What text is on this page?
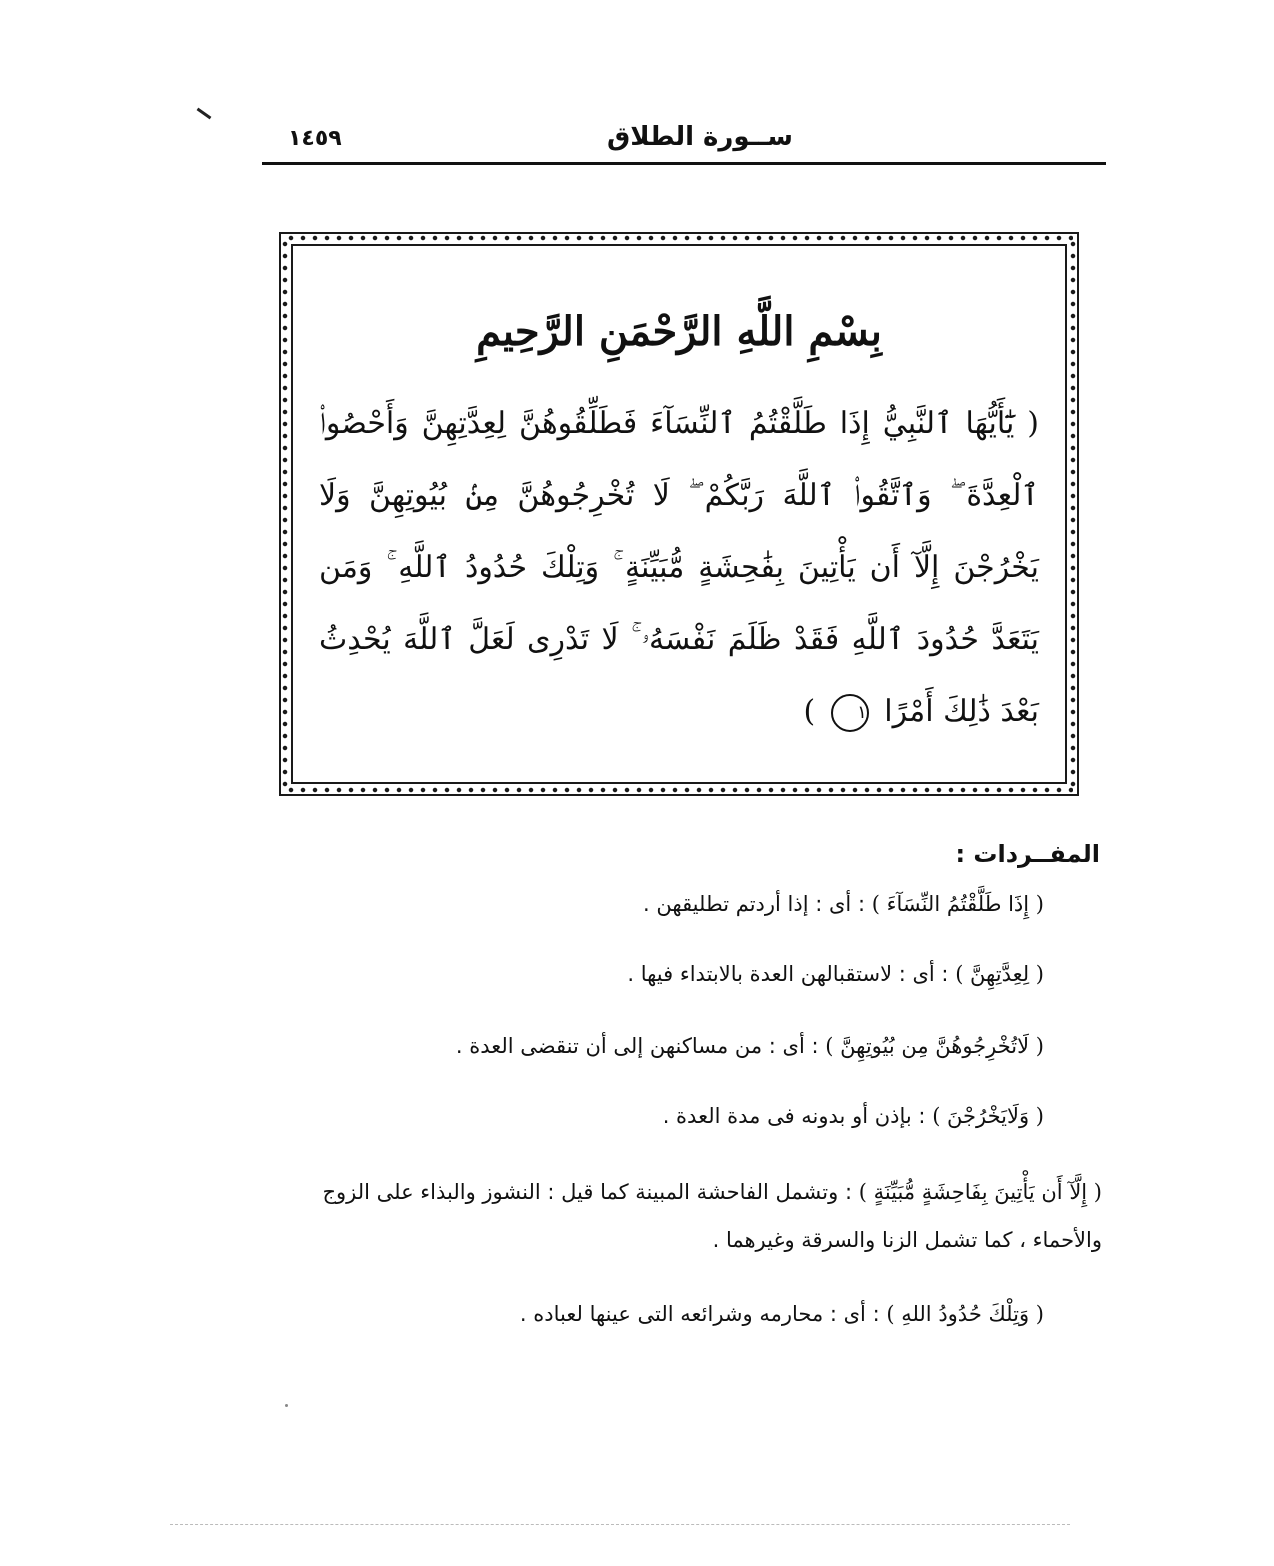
١٤٥٩	ســورة الطلاق
بِسْمِ اللَّهِ الرَّحْمَنِ الرَّحِيمِ
( يَٰٓأَيُّهَا ٱلنَّبِيُّ إِذَا طَلَّقْتُمُ ٱلنِّسَآءَ فَطَلِّقُوهُنَّ لِعِدَّتِهِنَّ وَأَحْصُوا۟ ٱلْعِدَّةَ ۖ وَٱتَّقُوا۟ ٱللَّهَ رَبَّكُمْ ۖ لَا تُخْرِجُوهُنَّ مِنۢ بُيُوتِهِنَّ وَلَا يَخْرُجْنَ إِلَّآ أَن يَأْتِينَ بِفَٰحِشَةٍ مُّبَيِّنَةٍ ۚ وَتِلْكَ حُدُودُ ٱللَّهِ ۚ وَمَن يَتَعَدَّ حُدُودَ ٱللَّهِ فَقَدْ ظَلَمَ نَفْسَهُۥ ۚ لَا تَدْرِى لَعَلَّ ٱللَّهَ يُحْدِثُ بَعْدَ ذَٰلِكَ أَمْرًا ١ )
المفــردات :
( إِذَا طَلَّقْتُمُ النِّسَآءَ ) : أى : إذا أردتم تطليقهن .
( لِعِدَّتِهِنَّ ) : أى : لاستقبالهن العدة بالابتداء فيها .
( لَاتُخْرِجُوهُنَّ مِن بُيُوتِهِنَّ ) : أى : من مساكنهن إلى أن تنقضى العدة .
( وَلَايَخْرُجْنَ ) : بإذن أو بدونه فى مدة العدة .
( إِلَّآ أَن يَأْتِينَ بِفَاحِشَةٍ مُّبَيِّنَةٍ ) : وتشمل الفاحشة المبينة كما قيل : النشوز والبذاء على الزوج والأحماء ، كما تشمل الزنا والسرقة وغيرهما .
( وَتِلْكَ حُدُودُ اللهِ ) : أى : محارمه وشرائعه التى عينها لعباده .
